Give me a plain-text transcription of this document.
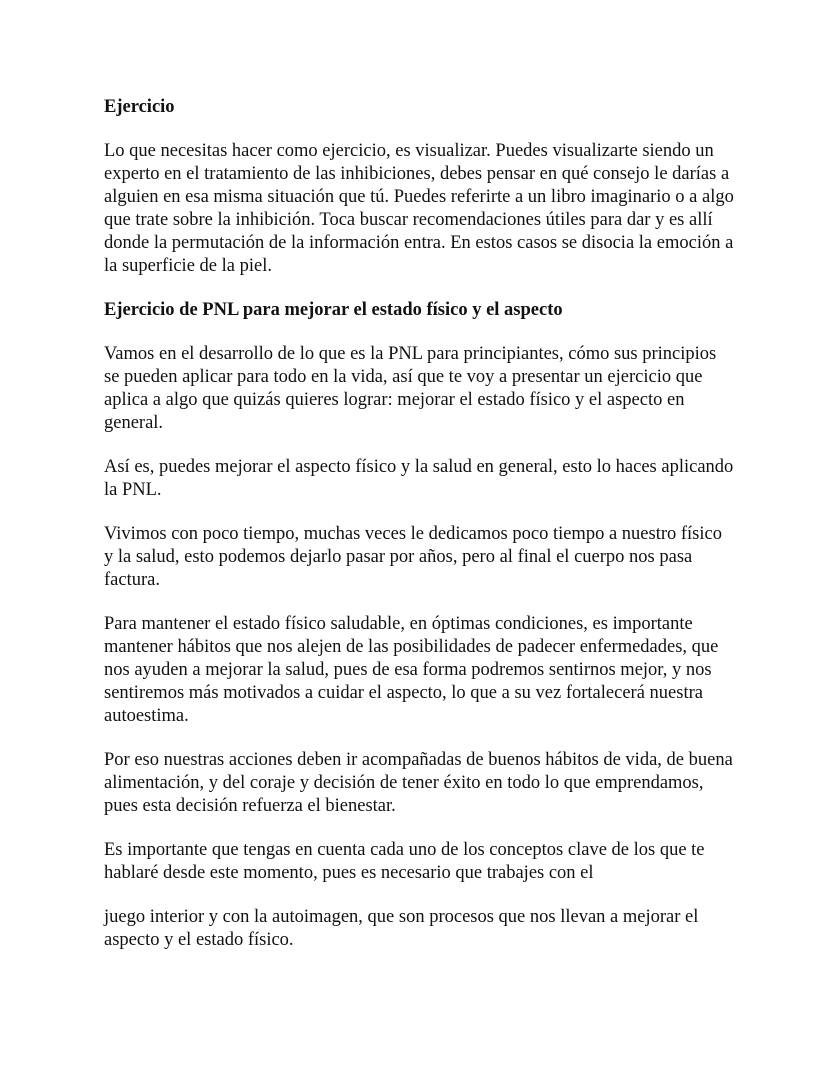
Ejercicio
Lo que necesitas hacer como ejercicio, es visualizar. Puedes visualizarte siendo un experto en el tratamiento de las inhibiciones, debes pensar en qué consejo le darías a alguien en esa misma situación que tú. Puedes referirte a un libro imaginario o a algo que trate sobre la inhibición. Toca buscar recomendaciones útiles para dar y es allí donde la permutación de la información entra. En estos casos se disocia la emoción a la superficie de la piel.
Ejercicio de PNL para mejorar el estado físico y el aspecto
Vamos en el desarrollo de lo que es la PNL para principiantes, cómo sus principios se pueden aplicar para todo en la vida, así que te voy a presentar un ejercicio que aplica a algo que quizás quieres lograr: mejorar el estado físico y el aspecto en general.
Así es, puedes mejorar el aspecto físico y la salud en general, esto lo haces aplicando la PNL.
Vivimos con poco tiempo, muchas veces le dedicamos poco tiempo a nuestro físico y la salud, esto podemos dejarlo pasar por años, pero al final el cuerpo nos pasa factura.
Para mantener el estado físico saludable, en óptimas condiciones, es importante mantener hábitos que nos alejen de las posibilidades de padecer enfermedades, que nos ayuden a mejorar la salud, pues de esa forma podremos sentirnos mejor, y nos sentiremos más motivados a cuidar el aspecto, lo que a su vez fortalecerá nuestra autoestima.
Por eso nuestras acciones deben ir acompañadas de buenos hábitos de vida, de buena alimentación, y del coraje y decisión de tener éxito en todo lo que emprendamos, pues esta decisión refuerza el bienestar.
Es importante que tengas en cuenta cada uno de los conceptos clave de los que te hablaré desde este momento, pues es necesario que trabajes con el
juego interior y con la autoimagen, que son procesos que nos llevan a mejorar el aspecto y el estado físico.
